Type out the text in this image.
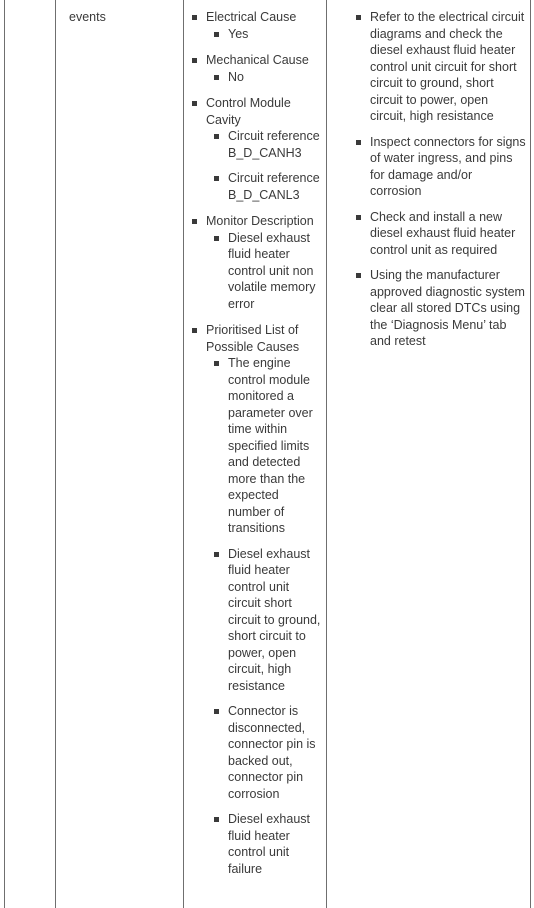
events	Electrical Cause
Yes
Mechanical Cause
No
Control Module Cavity
Circuit reference B_D_CANH3
Circuit reference B_D_CANL3
Monitor Description
Diesel exhaust fluid heater control unit non volatile memory error
Prioritised List of Possible Causes
The engine control module monitored a parameter over time within specified limits and detected more than the expected number of transitions
Diesel exhaust fluid heater control unit circuit short circuit to ground, short circuit to power, open circuit, high resistance
Connector is disconnected, connector pin is backed out, connector pin corrosion
Diesel exhaust fluid heater control unit failure
Refer to the electrical circuit diagrams and check the diesel exhaust fluid heater control unit circuit for short circuit to ground, short circuit to power, open circuit, high resistance
Inspect connectors for signs of water ingress, and pins for damage and/or corrosion
Check and install a new diesel exhaust fluid heater control unit as required
Using the manufacturer approved diagnostic system clear all stored DTCs using the ‘Diagnosis Menu’ tab and retest
